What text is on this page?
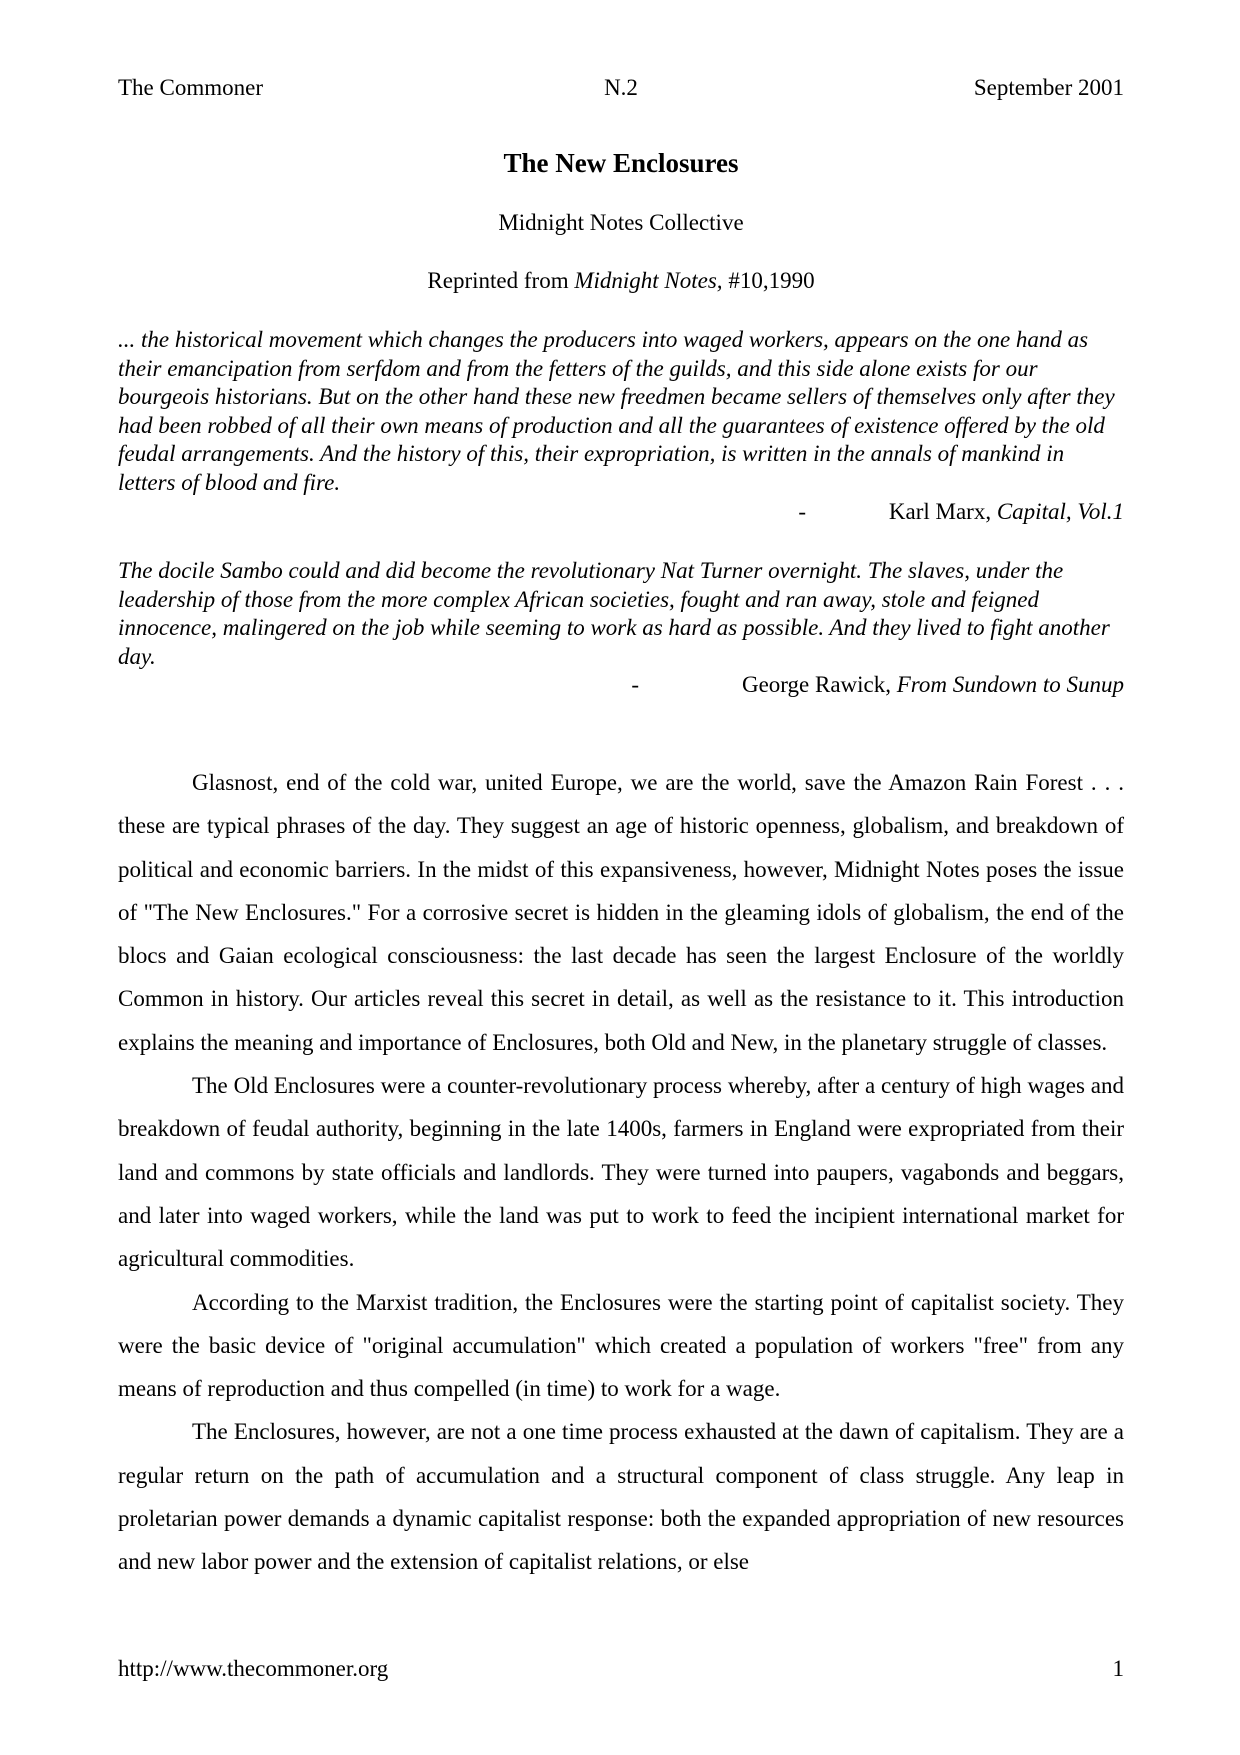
The Commoner	N.2	September 2001
The New Enclosures
Midnight Notes Collective
Reprinted from Midnight Notes, #10,1990
... the historical movement which changes the producers into waged workers, appears on the one hand as their emancipation from serfdom and from the fetters of the guilds, and this side alone exists for our bourgeois historians. But on the other hand these new freedmen became sellers of themselves only after they had been robbed of all their own means of production and all the guarantees of existence offered by the old feudal arrangements. And the history of this, their expropriation, is written in the annals of mankind in letters of blood and fire.
-	Karl Marx, Capital, Vol.1
The docile Sambo could and did become the revolutionary Nat Turner overnight. The slaves, under the leadership of those from the more complex African societies, fought and ran away, stole and feigned innocence, malingered on the job while seeming to work as hard as possible. And they lived to fight another day.
-	George Rawick, From Sundown to Sunup

Glasnost, end of the cold war, united Europe, we are the world, save the Amazon Rain Forest . . . these are typical phrases of the day. They suggest an age of historic openness, globalism, and breakdown of political and economic barriers. In the midst of this expansiveness, however, Midnight Notes poses the issue of "The New Enclosures." For a corrosive secret is hidden in the gleaming idols of globalism, the end of the blocs and Gaian ecological consciousness: the last decade has seen the largest Enclosure of the worldly Common in history. Our articles reveal this secret in detail, as well as the resistance to it. This introduction explains the meaning and importance of Enclosures, both Old and New, in the planetary struggle of classes.

The Old Enclosures were a counter-revolutionary process whereby, after a century of high wages and breakdown of feudal authority, beginning in the late 1400s, farmers in England were expropriated from their land and commons by state officials and landlords. They were turned into paupers, vagabonds and beggars, and later into waged workers, while the land was put to work to feed the incipient international market for agricultural commodities.

According to the Marxist tradition, the Enclosures were the starting point of capitalist society. They were the basic device of "original accumulation" which created a population of workers "free" from any means of reproduction and thus compelled (in time) to work for a wage.

The Enclosures, however, are not a one time process exhausted at the dawn of capitalism. They are a regular return on the path of accumulation and a structural component of class struggle. Any leap in proletarian power demands a dynamic capitalist response: both the expanded appropriation of new resources and new labor power and the extension of capitalist relations, or else

http://www.thecommoner.org	1
